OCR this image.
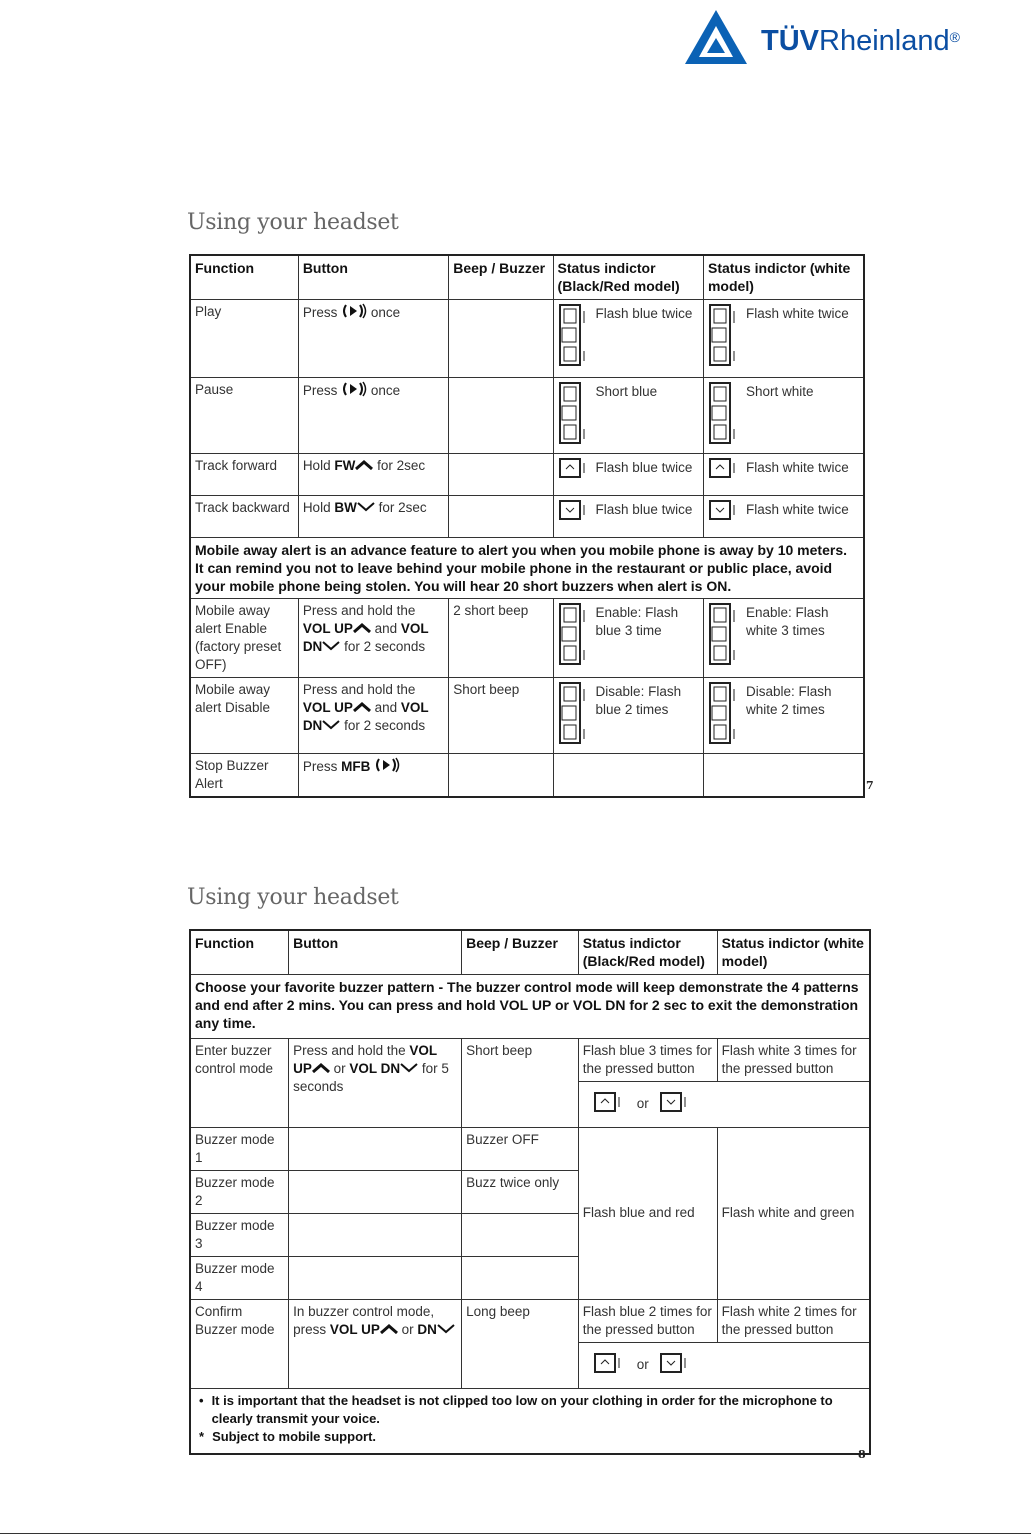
TÜVRheinland®
Using your headset
Function	Button	Beep / Buzzer	Status indictor (Black/Red model)	Status indictor (white model)
Play	Press once		Flash blue twice	Flash white twice

Pause	Press once		Short blue	Short white

Track forward	Hold FW for 2sec		Flash blue twice	Flash white twice

Track backward	Hold BW for 2sec		Flash blue twice	Flash white twice

Mobile away alert is an advance feature to alert you when you mobile phone is away by 10 meters. It can remind you not to leave behind your mobile phone in the restaurant or public place, avoid your mobile phone being stolen. You will hear 20 short buzzers when alert is ON.				
Mobile away alert Enable (factory preset OFF)	Press and hold the VOL UP and VOL DN for 2 seconds	2 short beep	Enable: Flash blue 3 time	Enable: Flash white 3 times

Mobile away alert Disable	Press and hold the VOL UP and VOL DN for 2 seconds	Short beep	Disable: Flash blue 2 times	Disable: Flash white 2 times

Stop Buzzer Alert	Press MFB			
7
Using your headset
Function	Button	Beep / Buzzer	Status indictor (Black/Red model)	Status indictor (white model)
Choose your favorite buzzer pattern - The buzzer control mode will keep demonstrate the 4 patterns and end after 2 mins. You can press and hold VOL UP or VOL DN for 2 sec to exit the demonstration any time.				
Enter buzzer control mode	Press and hold the VOL UP or VOL DN for 5 seconds	Short beep	Flash blue 3 times for the pressed button	Flash white 3 times for the pressed button

			or	

Buzzer mode 1		Buzzer OFF	Flash blue and red	Flash white and green
Buzzer mode 2		Buzz twice only		
Buzzer mode 3				
Buzzer mode 4				
Confirm Buzzer mode	In buzzer control mode, press VOL UP or DN	Long beep	Flash blue 2 times for the pressed button	Flash white 2 times for the pressed button

			or	

• It is important that the headset is not clipped too low on your clothing in order for the microphone to clearly transmit your voice.
* Subject to mobile support.				
8
